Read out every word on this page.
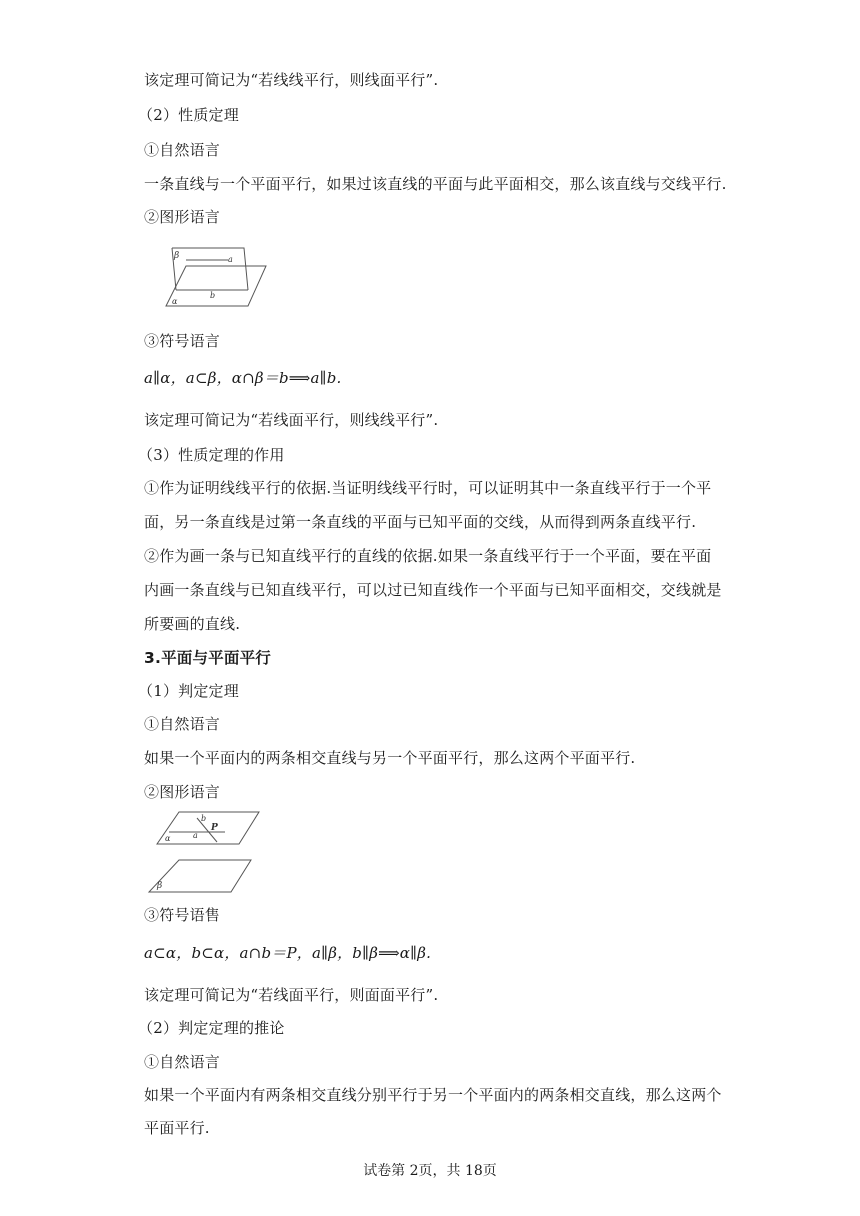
该定理可简记为“若线线平行，则线面平行”.
（2）性质定理
①自然语言
一条直线与一个平面平行，如果过该直线的平面与此平面相交，那么该直线与交线平行.
②图形语言
β	a
b
α
③符号语言
a∥α，a⊂β，α∩β＝b⟹a∥b.
该定理可简记为“若线面平行，则线线平行”.
（3）性质定理的作用
①作为证明线线平行的依据.当证明线线平行时，可以证明其中一条直线平行于一个平
面，另一条直线是过第一条直线的平面与已知平面的交线，从而得到两条直线平行.
②作为画一条与已知直线平行的直线的依据.如果一条直线平行于一个平面，要在平面
内画一条直线与已知直线平行，可以过已知直线作一个平面与已知平面相交，交线就是
所要画的直线.
3.平面与平面平行
（1）判定定理
①自然语言
如果一个平面内的两条相交直线与另一个平面平行，那么这两个平面平行.
②图形语言
b
P
a
α
β
③符号语售
a⊂α，b⊂α，a∩b＝P，a∥β，b∥β⟹α∥β.
该定理可简记为“若线面平行，则面面平行”.
（2）判定定理的推论
①自然语言
如果一个平面内有两条相交直线分别平行于另一个平面内的两条相交直线，那么这两个
平面平行.
试卷第 2页，共 18页
